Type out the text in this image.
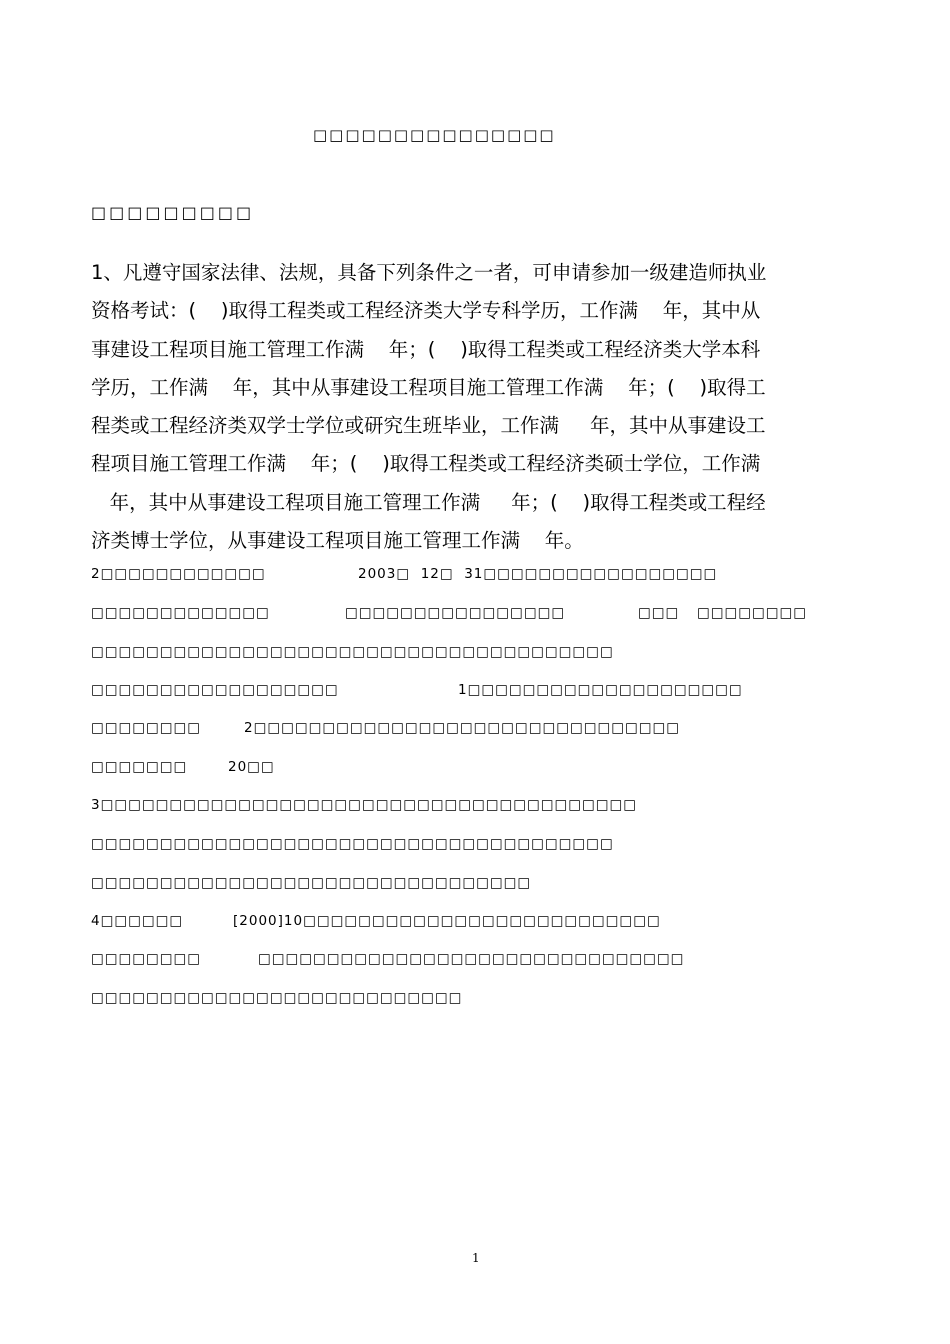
□□□□□□□□□□□□□□□
□□□□□□□□□
1、凡遵守国家法律、法规，具备下列条件之一者，可申请参加一级建造师执业
资格考试：(    )取得工程类或工程经济类大学专科学历，工作满    年，其中从
事建设工程项目施工管理工作满    年；(    )取得工程类或工程经济类大学本科
学历，工作满    年，其中从事建设工程项目施工管理工作满    年；(    )取得工
程类或工程经济类双学士学位或研究生班毕业，工作满     年，其中从事建设工
程项目施工管理工作满    年；(    )取得工程类或工程经济类硕士学位，工作满
年，其中从事建设工程项目施工管理工作满     年；(    )取得工程类或工程经
济类博士学位，从事建设工程项目施工管理工作满    年。
2□□□□□□□□□□□□	2003□  12□  31□□□□□□□□□□□□□□□□□
□□□□□□□□□□□□□	□□□□□□□□□□□□□□□□	□□□ □□□□□□□□
□□□□□□□□□□□□□□□□□□□□□□□□□□□□□□□□□□□□□□
□□□□□□□□□□□□□□□□□□	1□□□□□□□□□□□□□□□□□□□□
□□□□□□□□	2□□□□□□□□□□□□□□□□□□□□□□□□□□□□□□□
□□□□□□□	20□□
3□□□□□□□□□□□□□□□□□□□□□□□□□□□□□□□□□□□□□□□
□□□□□□□□□□□□□□□□□□□□□□□□□□□□□□□□□□□□□□
□□□□□□□□□□□□□□□□□□□□□□□□□□□□□□□□
4□□□□□□	[2000]10□□□□□□□□□□□□□□□□□□□□□□□□□□
□□□□□□□□	□□□□□□□□□□□□□□□□□□□□□□□□□□□□□□□
□□□□□□□□□□□□□□□□□□□□□□□□□□□
1
